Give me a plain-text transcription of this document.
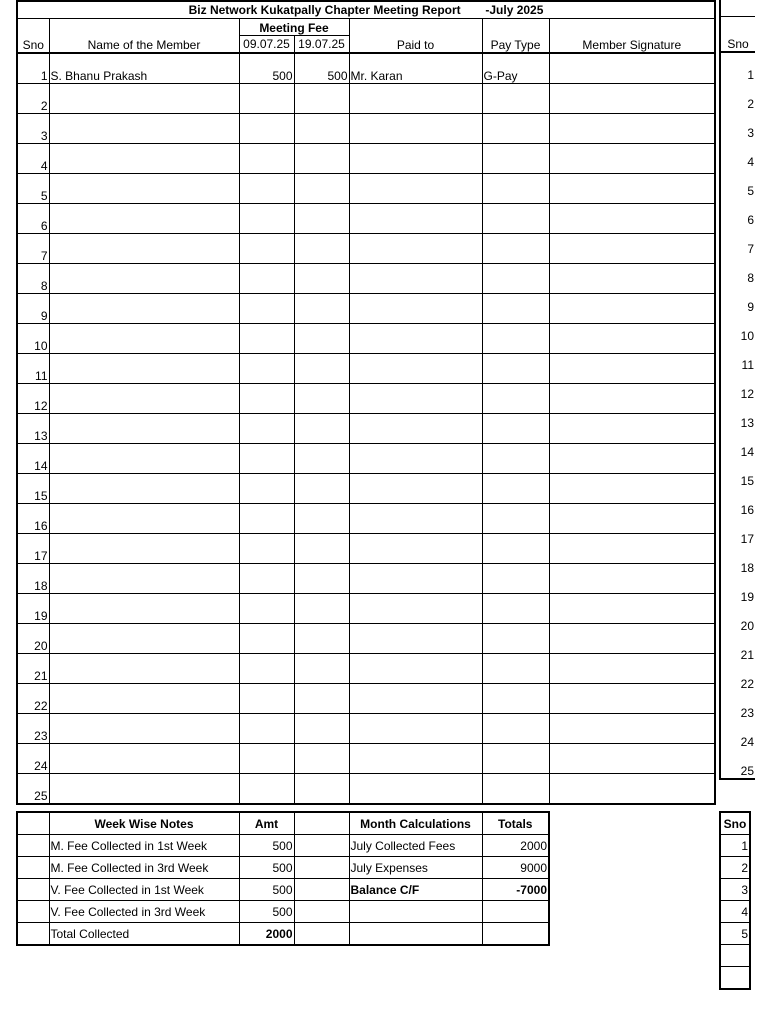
Biz Network Kukatpally Chapter Meeting Report -July 2025						
Sno	Name of the Member	Meeting Fee		Paid to	Pay Type	Member Signature
		09.07.25	19.07.25			
1	S. Bhanu Prakash	500	500	Mr. Karan	G-Pay	
2						
3						
4						
5						
6						
7						
8						
9						
10						
11						
12						
13						
14						
15						
16						
17						
18						
19						
20						
21						
22						
23						
24						
25						

Sno
1
2
3
4
5
6
7
8
9
10
11
12
13
14
15
16
17
18
19
20
21
22
23
24
25
	Week Wise Notes	Amt		Month Calculations	Totals
	M. Fee Collected in 1st Week	500		July Collected Fees	2000
	M. Fee Collected in 3rd Week	500		July Expenses	9000
	V. Fee Collected in 1st Week	500		Balance C/F	-7000
	V. Fee Collected in 3rd Week	500			
	Total Collected	2000			
Sno
1
2
3
4
5
